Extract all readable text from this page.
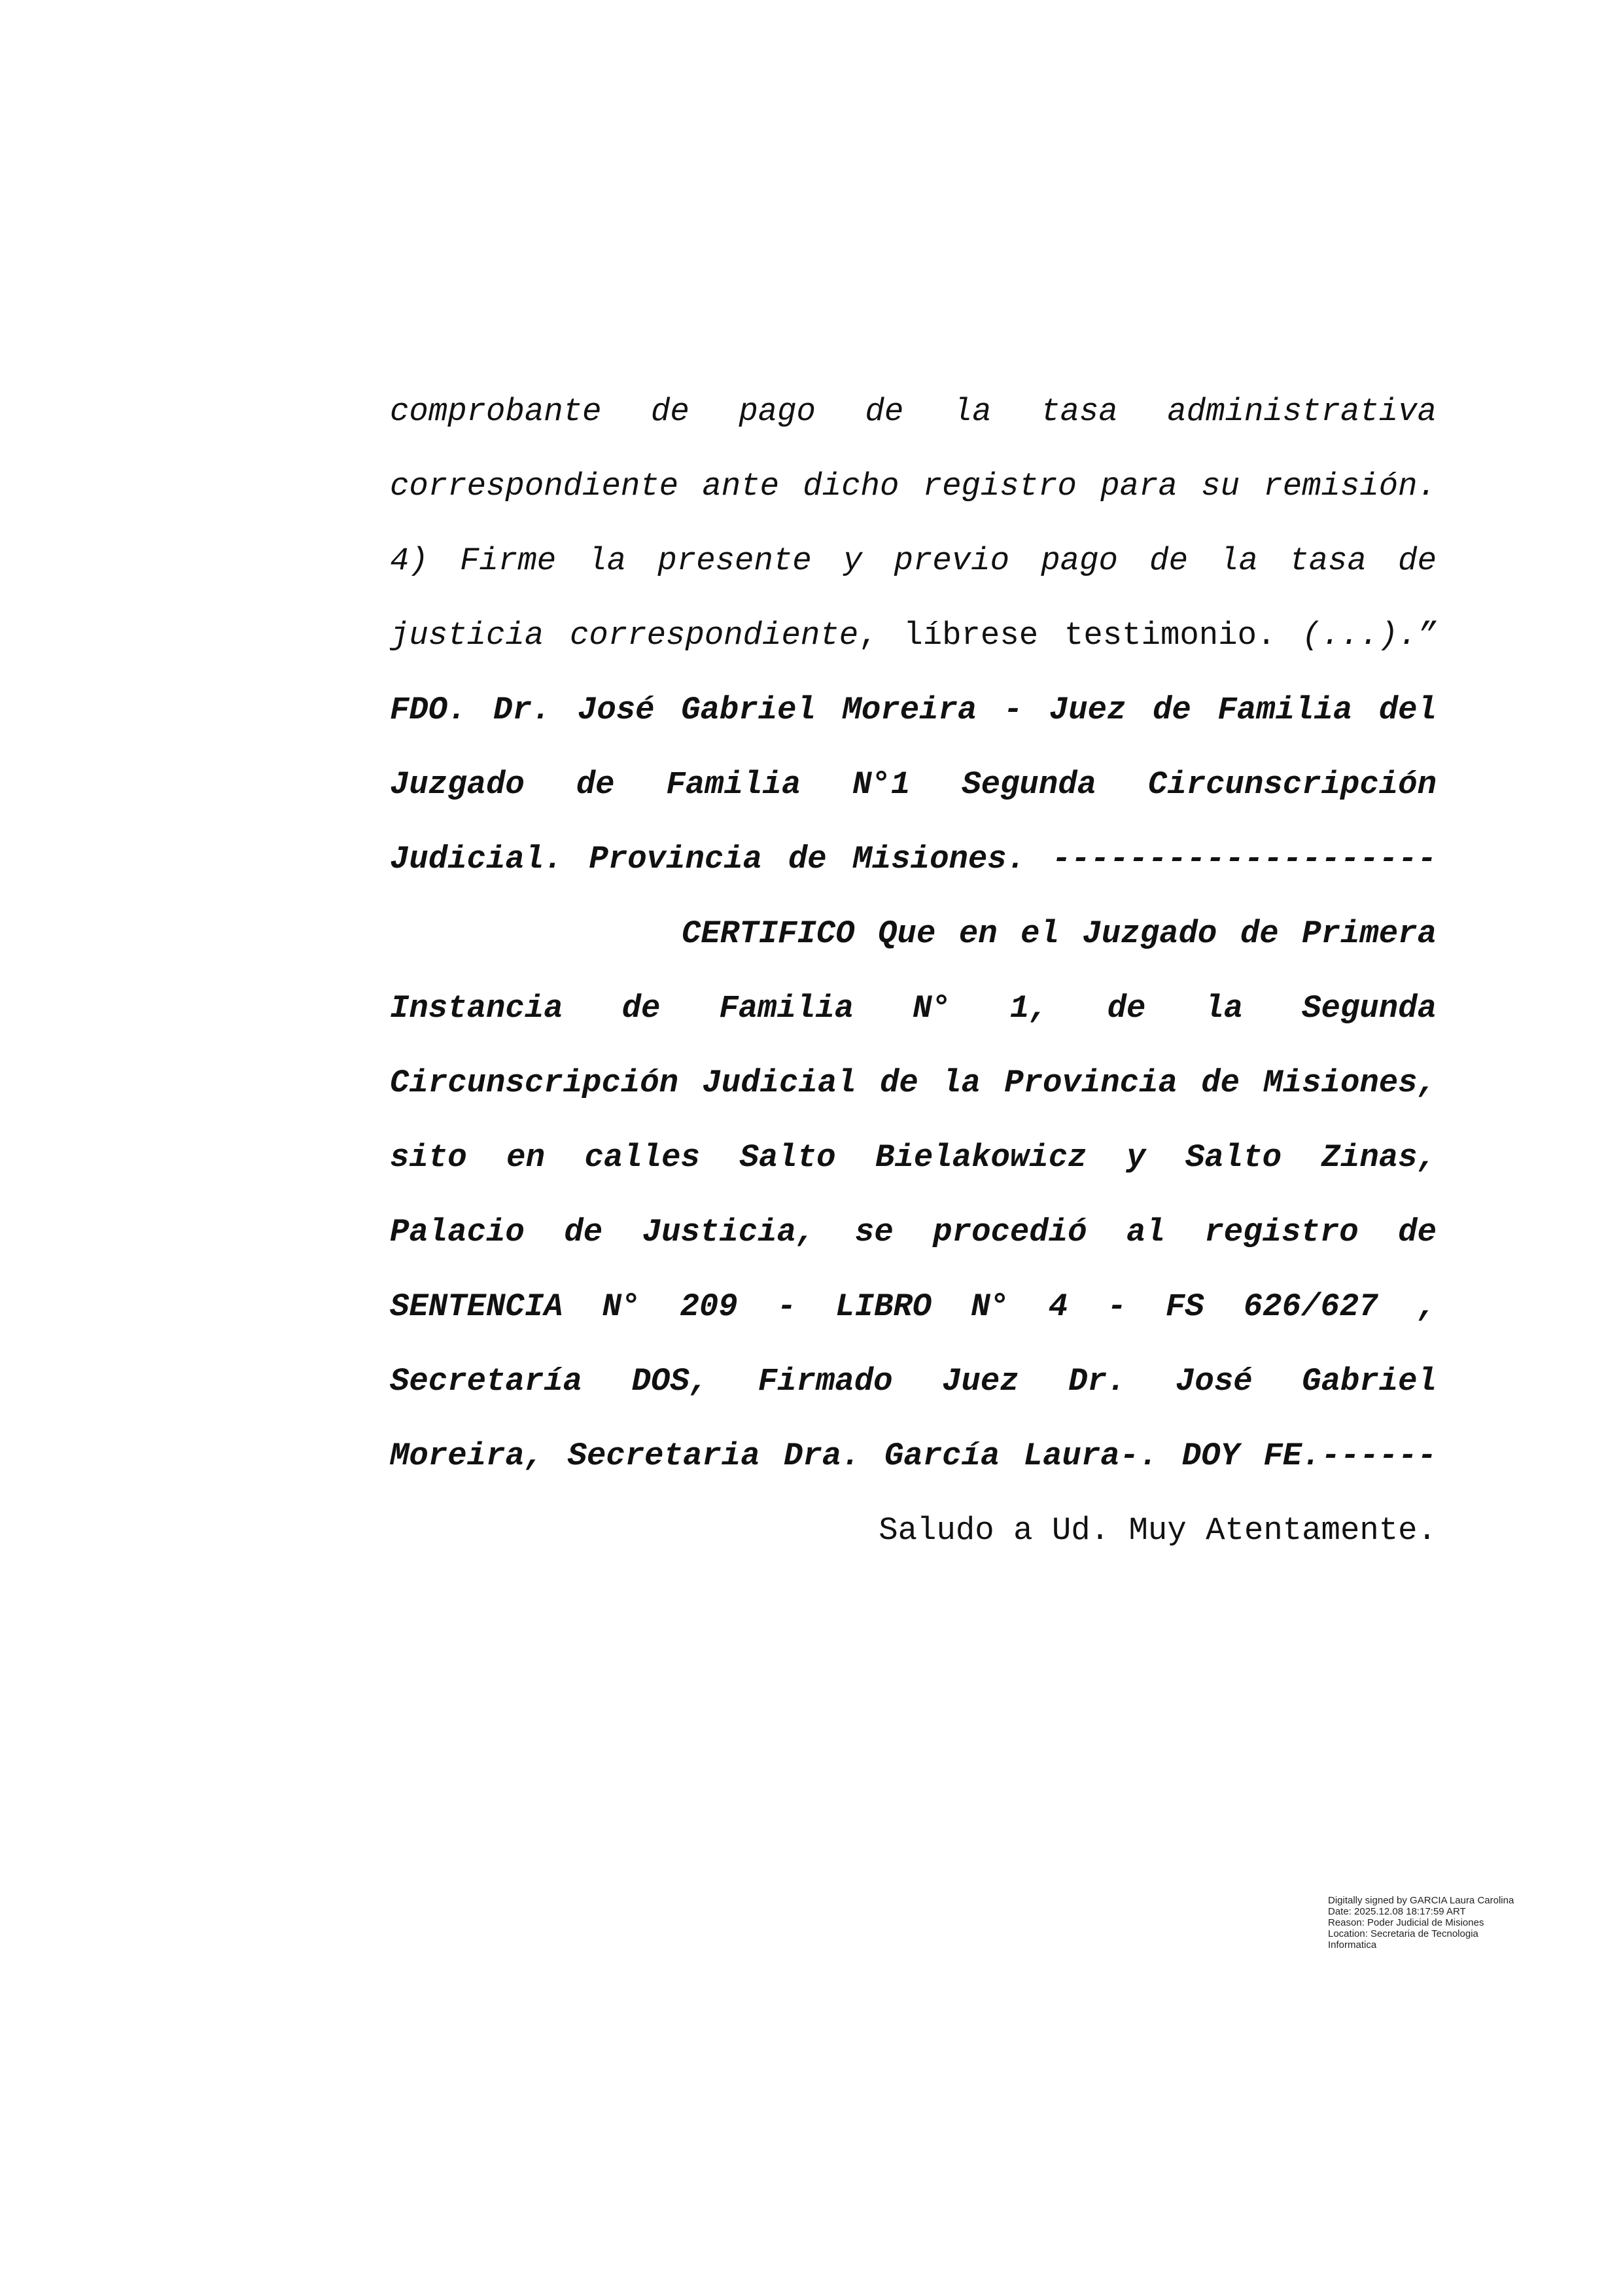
comprobante de pago de la tasa administrativa
correspondiente ante dicho registro para su remisión.
4) Firme la presente y previo pago de la tasa de
justicia correspondiente, líbrese testimonio. (...).”
FDO. Dr. José Gabriel Moreira - Juez de Familia del
Juzgado de Familia N°1 Segunda Circunscripción
Judicial. Provincia de Misiones. --------------------
CERTIFICO Que en el Juzgado de Primera
Instancia de Familia N° 1, de la Segunda
Circunscripción Judicial de la Provincia de Misiones,
sito en calles Salto Bielakowicz y Salto Zinas,
Palacio de Justicia, se procedió al registro de
SENTENCIA N° 209 - LIBRO N° 4 - FS 626/627 ,
Secretaría DOS, Firmado Juez Dr. José Gabriel
Moreira, Secretaria Dra. García Laura-. DOY FE.------
Saludo a Ud. Muy Atentamente.
Digitally signed by GARCIA Laura Carolina
Date: 2025.12.08 18:17:59 ART
Reason: Poder Judicial de Misiones
Location: Secretaria de Tecnologia
Informatica
